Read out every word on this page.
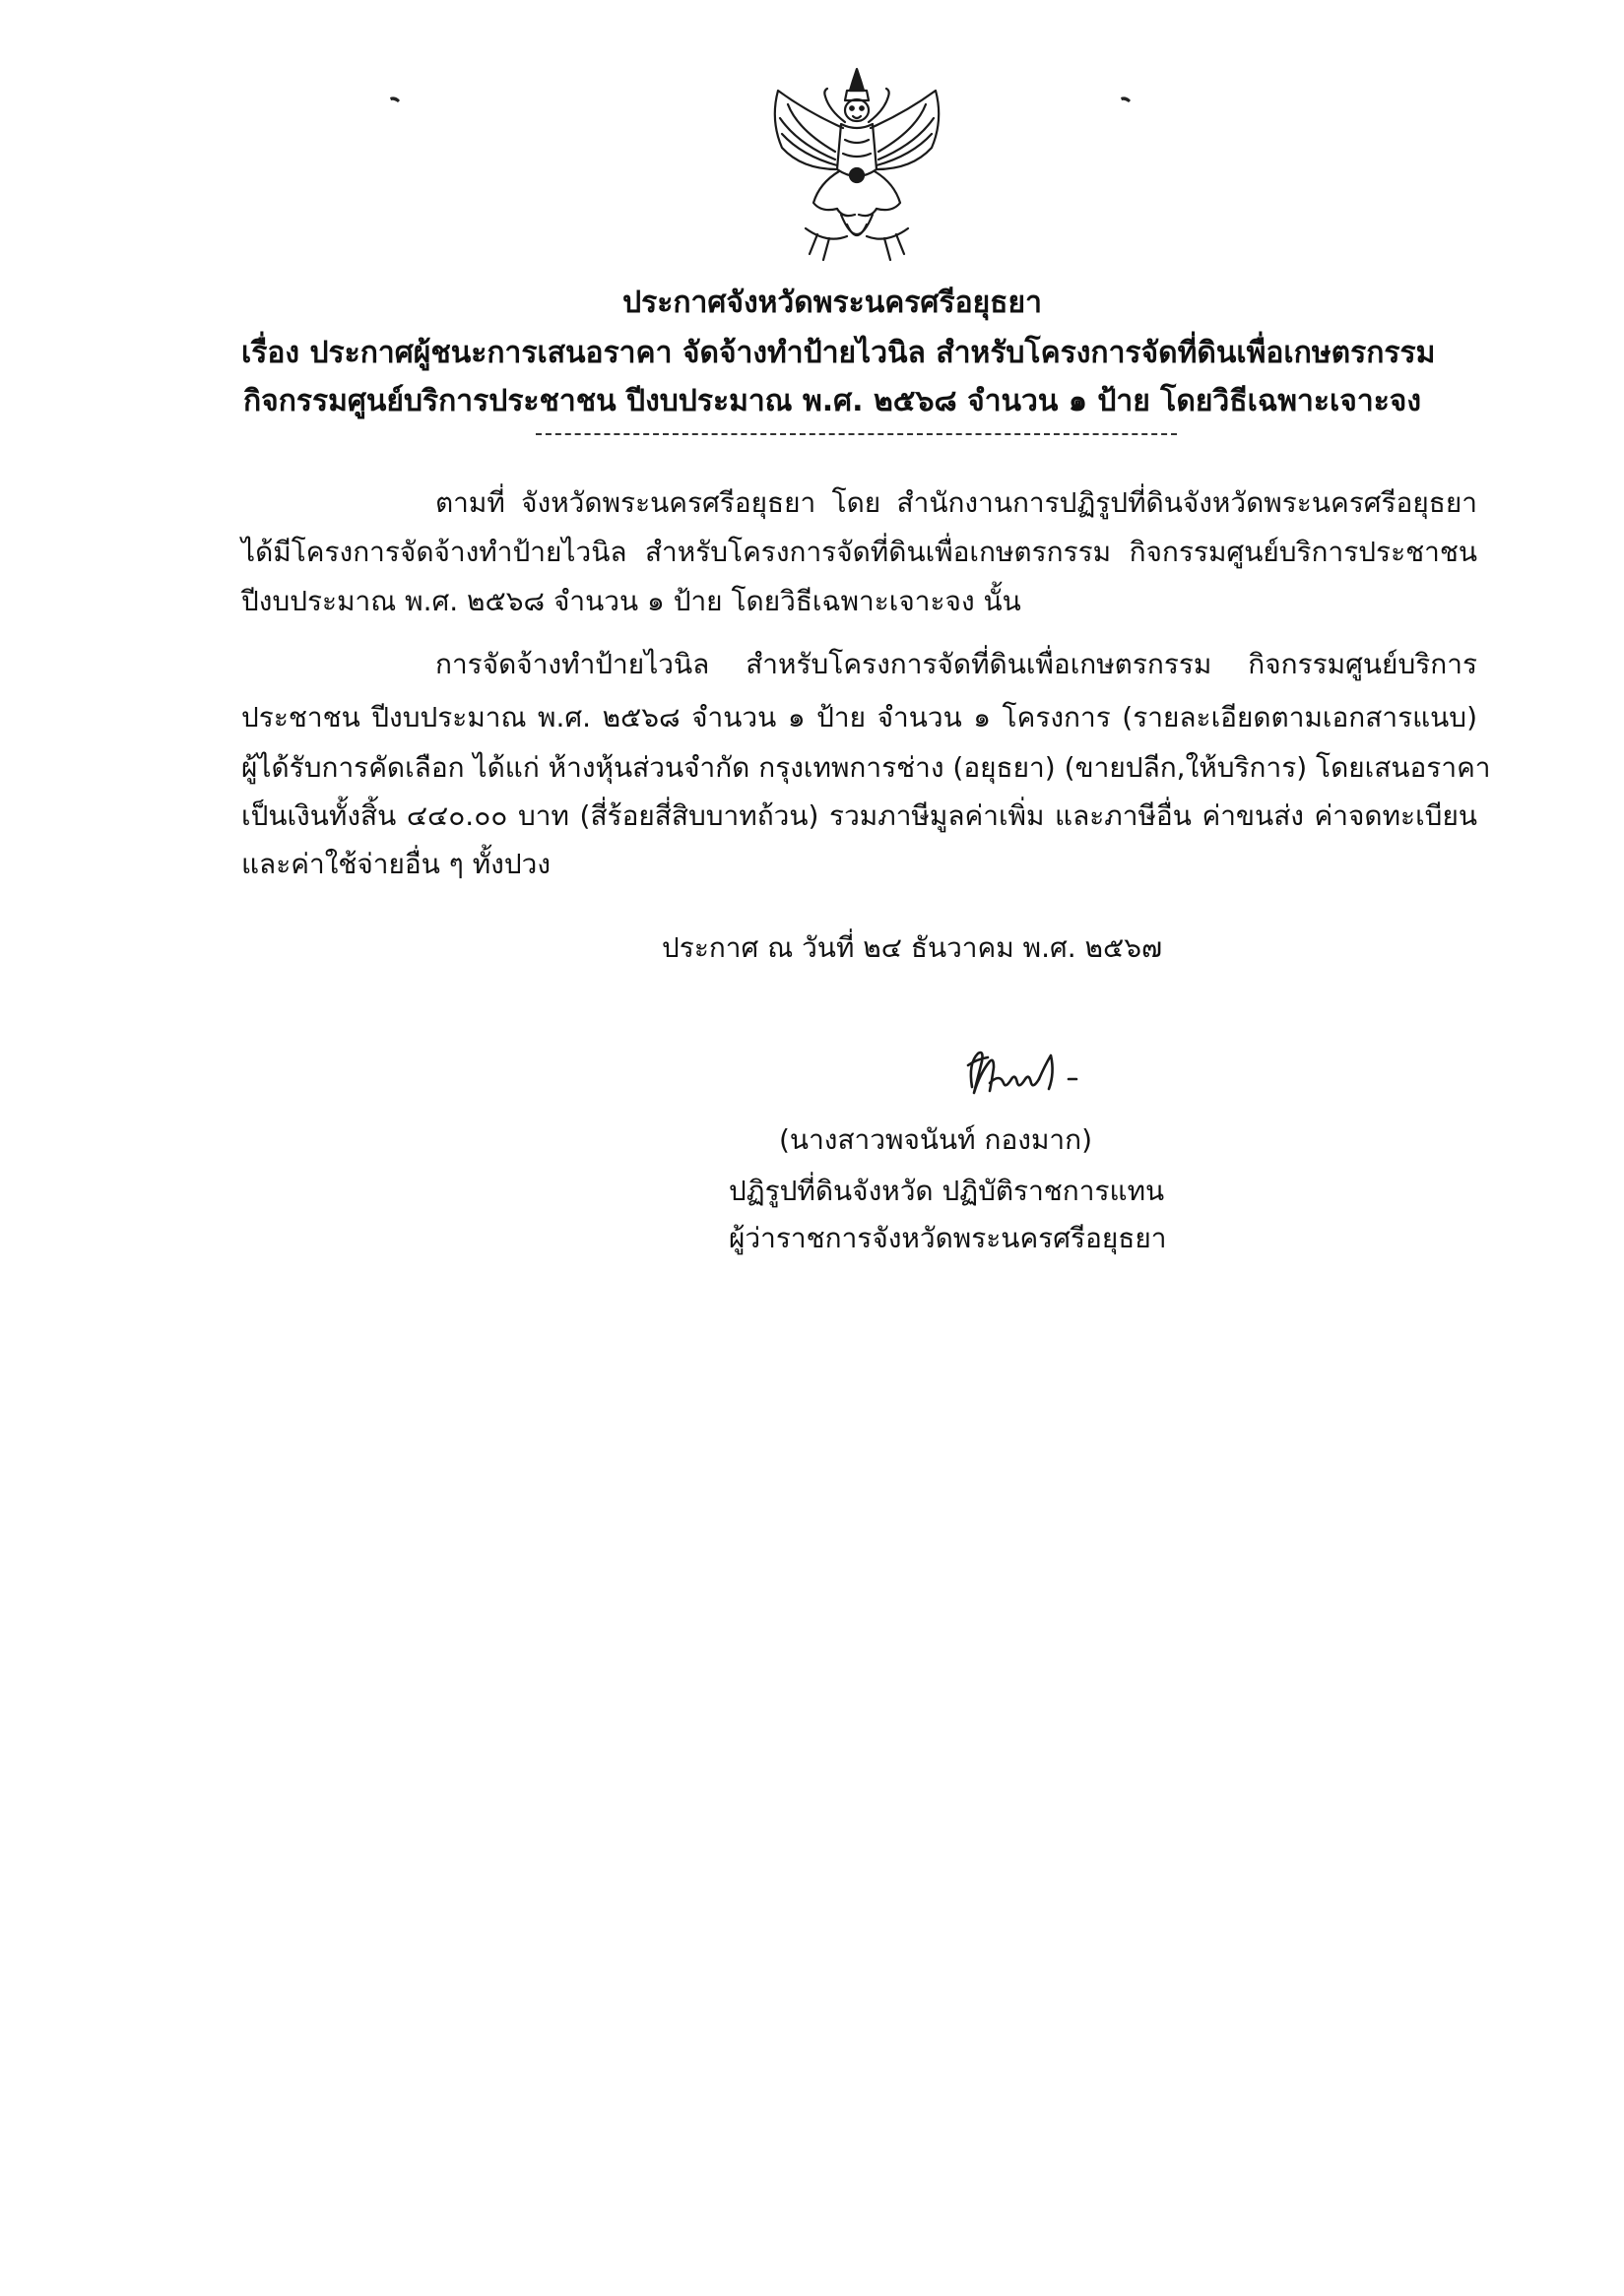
ประกาศจังหวัดพระนครศรีอยุธยา
เรื่อง ประกาศผู้ชนะการเสนอราคา จัดจ้างทำป้ายไวนิล สำหรับโครงการจัดที่ดินเพื่อเกษตรกรรม
กิจกรรมศูนย์บริการประชาชน ปีงบประมาณ พ.ศ. ๒๕๖๘ จำนวน ๑ ป้าย โดยวิธีเฉพาะเจาะจง
ตามที่ จังหวัดพระนครศรีอยุธยา โดย สำนักงานการปฏิรูปที่ดินจังหวัดพระนครศรีอยุธยา
ได้มีโครงการจัดจ้างทำป้ายไวนิล สำหรับโครงการจัดที่ดินเพื่อเกษตรกรรม กิจกรรมศูนย์บริการประชาชน
ปีงบประมาณ พ.ศ. ๒๕๖๘ จำนวน ๑ ป้าย โดยวิธีเฉพาะเจาะจง นั้น
การจัดจ้างทำป้ายไวนิล สำหรับโครงการจัดที่ดินเพื่อเกษตรกรรม กิจกรรมศูนย์บริการ
ประชาชน ปีงบประมาณ พ.ศ. ๒๕๖๘ จำนวน ๑ ป้าย จำนวน ๑ โครงการ (รายละเอียดตามเอกสารแนบ)
ผู้ได้รับการคัดเลือก ได้แก่ ห้างหุ้นส่วนจำกัด กรุงเทพการช่าง (อยุธยา) (ขายปลีก,ให้บริการ) โดยเสนอราคา
เป็นเงินทั้งสิ้น ๔๔๐.๐๐ บาท (สี่ร้อยสี่สิบบาทถ้วน) รวมภาษีมูลค่าเพิ่ม และภาษีอื่น ค่าขนส่ง ค่าจดทะเบียน
และค่าใช้จ่ายอื่น ๆ ทั้งปวง
ประกาศ ณ วันที่ ๒๔ ธันวาคม พ.ศ. ๒๕๖๗
(นางสาวพจนันท์ กองมาก)
ปฏิรูปที่ดินจังหวัด ปฏิบัติราชการแทน
ผู้ว่าราชการจังหวัดพระนครศรีอยุธยา
